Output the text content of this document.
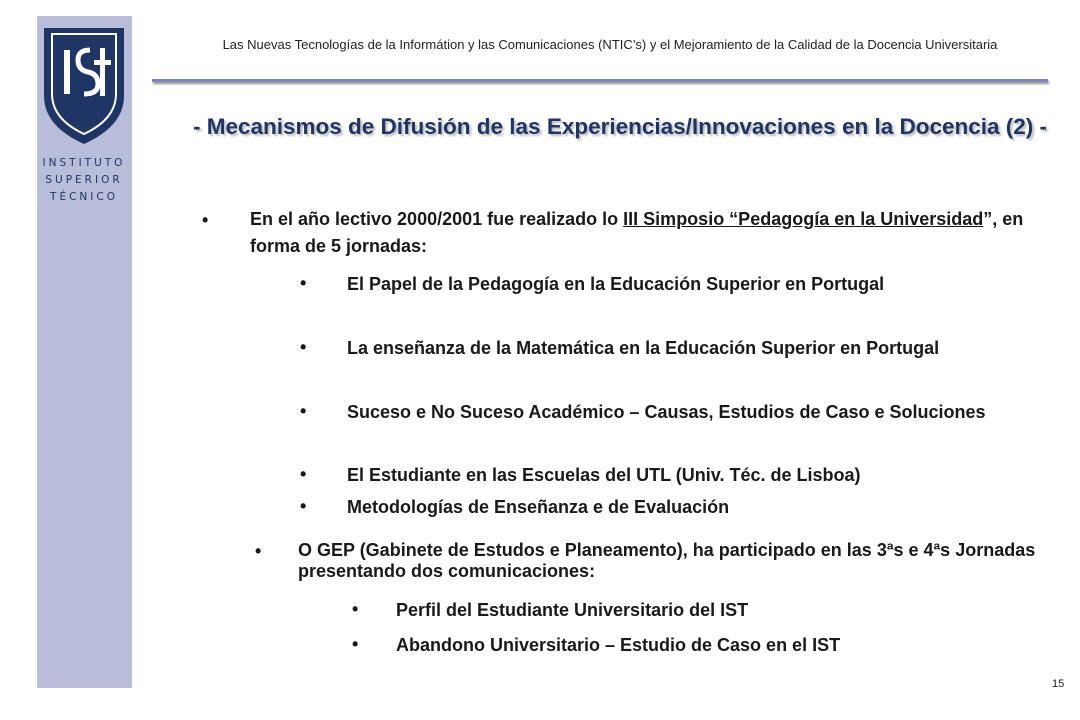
INSTITUTO
SUPERIOR
TÉCNICO
Las Nuevas Tecnologías de la Informátion y las Comunicaciones (NTIC’s) y el Mejoramiento de la Calidad de la Docencia Universitaria
- Mecanismos de Difusión de las Experiencias/Innovaciones en la Docencia (2) -
• En el año lectivo 2000/2001 fue realizado lo III Simposio “Pedagogía en la Universidad”, en forma de 5 jornadas:
• El Papel de la Pedagogía en la Educación Superior en Portugal
• La enseñanza de la Matemática en la Educación Superior en Portugal
• Suceso e No Suceso Académico – Causas, Estudios de Caso e Soluciones
• El Estudiante en las Escuelas del UTL (Univ. Téc. de Lisboa)
• Metodologías de Enseñanza e de Evaluación
• O GEP (Gabinete de Estudos e Planeamento), ha participado en las 3ªs e 4ªs Jornadas presentando dos comunicaciones:
• Perfil del Estudiante Universitario del IST
• Abandono Universitario – Estudio de Caso en el IST
15
